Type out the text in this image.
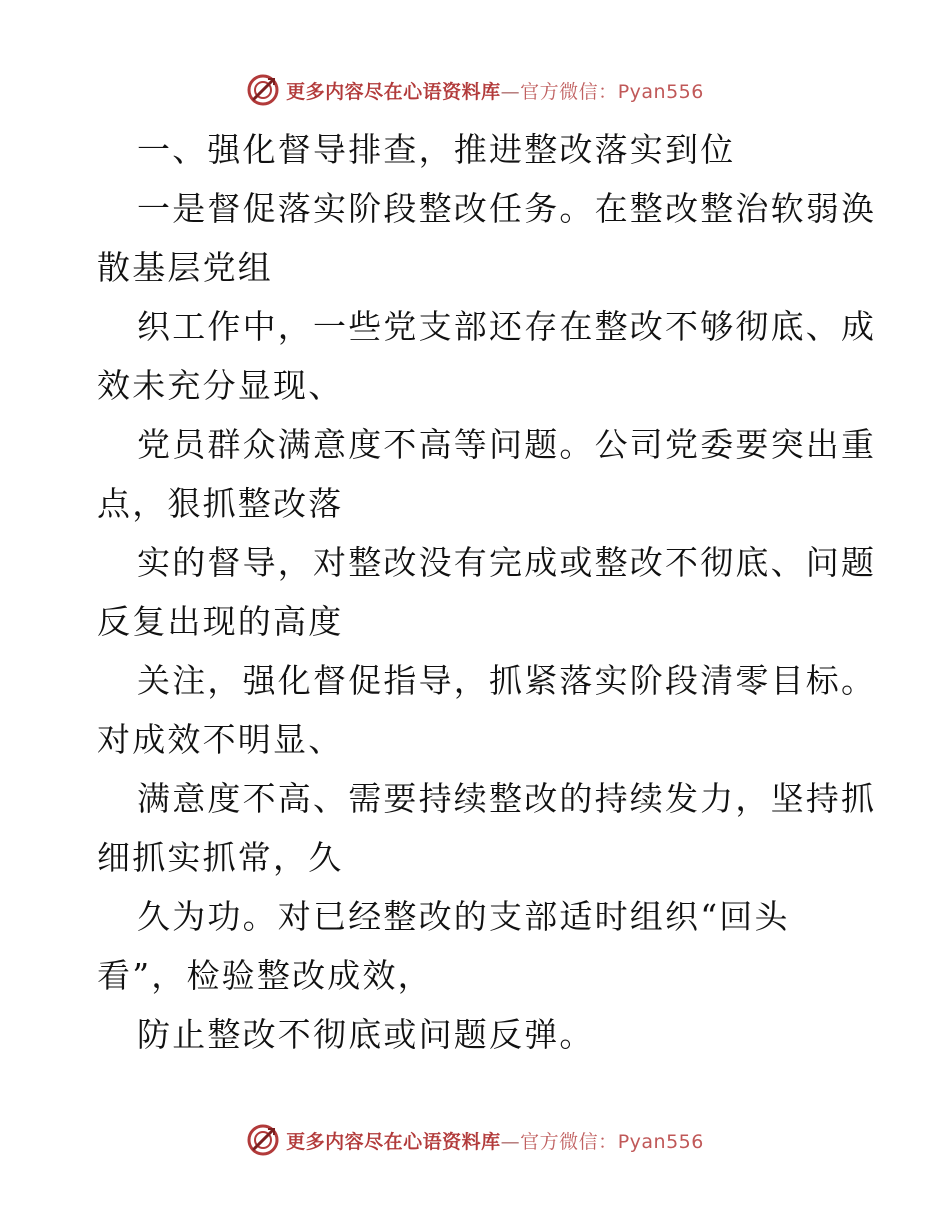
更多内容尽在心语资料库—官方微信：Pyan556
一、强化督导排查，推进整改落实到位
一是督促落实阶段整改任务。在整改整治软弱涣
散基层党组
织工作中，一些党支部还存在整改不够彻底、成
效未充分显现、
党员群众满意度不高等问题。公司党委要突出重
点，狠抓整改落
实的督导，对整改没有完成或整改不彻底、问题
反复出现的高度
关注，强化督促指导，抓紧落实阶段清零目标。
对成效不明显、
满意度不高、需要持续整改的持续发力，坚持抓
细抓实抓常，久
久为功。对已经整改的支部适时组织“回头
看”，检验整改成效，
防止整改不彻底或问题反弹。
更多内容尽在心语资料库—官方微信：Pyan556
